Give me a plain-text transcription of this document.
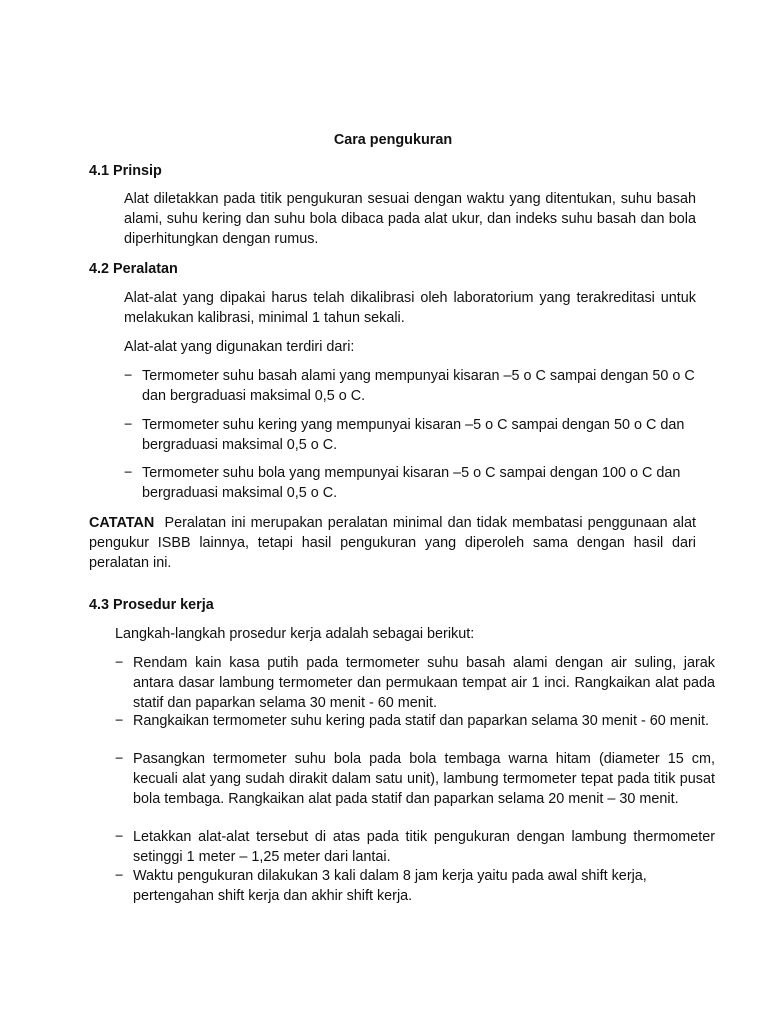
Cara pengukuran
4.1 Prinsip
Alat diletakkan pada titik pengukuran sesuai dengan waktu yang ditentukan, suhu basah alami, suhu kering dan suhu bola dibaca pada alat ukur, dan indeks suhu basah dan bola diperhitungkan dengan rumus.
4.2 Peralatan
Alat-alat yang dipakai harus telah dikalibrasi oleh laboratorium yang terakreditasi untuk melakukan kalibrasi, minimal 1 tahun sekali.
Alat-alat yang digunakan terdiri dari:
− Termometer suhu basah alami yang mempunyai kisaran –5 o C sampai dengan 50 o C dan bergraduasi maksimal 0,5 o C.
− Termometer suhu kering yang mempunyai kisaran –5 o C sampai dengan 50 o C dan bergraduasi maksimal 0,5 o C.
− Termometer suhu bola yang mempunyai kisaran –5 o C sampai dengan 100 o C dan bergraduasi maksimal 0,5 o C.
CATATAN Peralatan ini merupakan peralatan minimal dan tidak membatasi penggunaan alat pengukur ISBB lainnya, tetapi hasil pengukuran yang diperoleh sama dengan hasil dari peralatan ini.
4.3 Prosedur kerja
Langkah-langkah prosedur kerja adalah sebagai berikut:
− Rendam kain kasa putih pada termometer suhu basah alami dengan air suling, jarak antara dasar lambung termometer dan permukaan tempat air 1 inci. Rangkaikan alat pada statif dan paparkan selama 30 menit - 60 menit.
− Rangkaikan termometer suhu kering pada statif dan paparkan selama 30 menit - 60 menit.
− Pasangkan termometer suhu bola pada bola tembaga warna hitam (diameter 15 cm, kecuali alat yang sudah dirakit dalam satu unit), lambung termometer tepat pada titik pusat bola tembaga. Rangkaikan alat pada statif dan paparkan selama 20 menit – 30 menit.
− Letakkan alat-alat tersebut di atas pada titik pengukuran dengan lambung thermometer setinggi 1 meter – 1,25 meter dari lantai.
− Waktu pengukuran dilakukan 3 kali dalam 8 jam kerja yaitu pada awal shift kerja, pertengahan shift kerja dan akhir shift kerja.
